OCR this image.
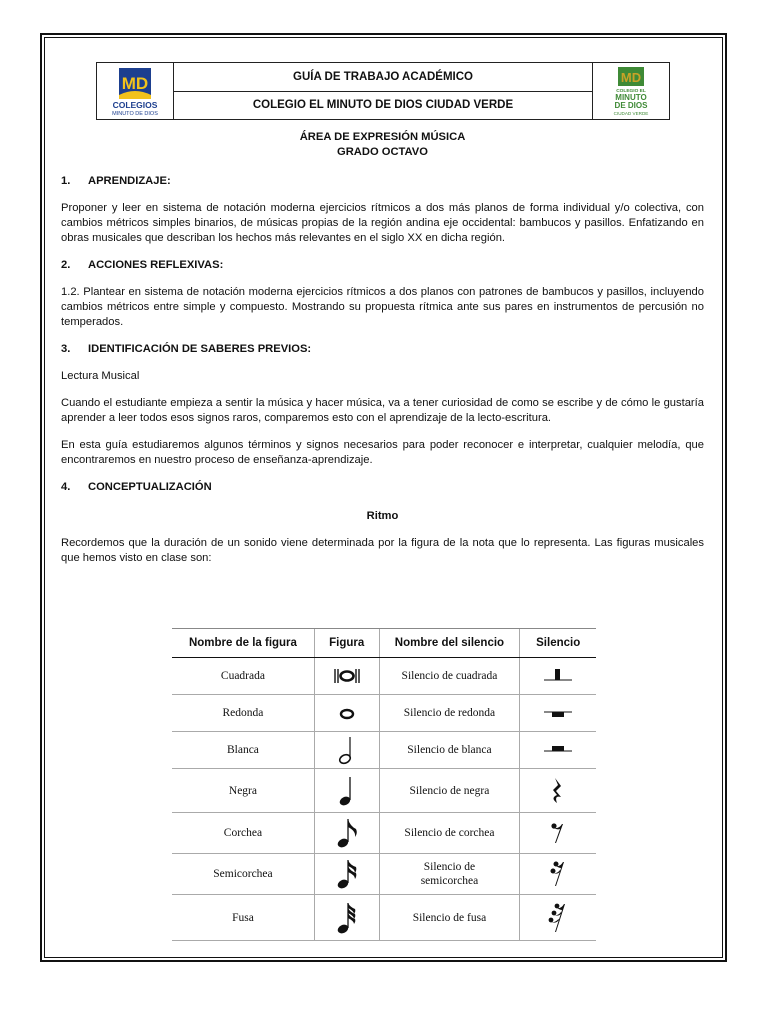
MD
COLEGIOS
MINUTO DE DIOS
	GUÍA DE TRABAJO ACADÉMICO	MD
COLEGIO EL
MINUTO
DE DIOS
CIUDAD VERDE

COLEGIO EL MINUTO DE DIOS CIUDAD VERDE
ÁREA DE EXPRESIÓN MÚSICA
GRADO OCTAVO
1. APRENDIZAJE:

Proponer y leer en sistema de notación moderna ejercicios rítmicos a dos más planos de forma individual y/o colectiva, con cambios métricos simples binarios, de músicas propias de la región andina eje occidental: bambucos y pasillos. Enfatizando en obras musicales que describan los hechos más relevantes en el siglo XX en dicha región.

2. ACCIONES REFLEXIVAS:

1.2. Plantear en sistema de notación moderna ejercicios rítmicos a dos planos con patrones de bambucos y pasillos, incluyendo cambios métricos entre simple y compuesto. Mostrando su propuesta rítmica ante sus pares en instrumentos de percusión no temperados.

3. IDENTIFICACIÓN DE SABERES PREVIOS:

Lectura Musical

Cuando el estudiante empieza a sentir la música y hacer música, va a tener curiosidad de como se escribe y de cómo le gustaría aprender a leer todos esos signos raros, comparemos esto con el aprendizaje de la lecto-escritura.

En esta guía estudiaremos algunos términos y signos necesarios para poder reconocer e interpretar, cualquier melodía, que encontraremos en nuestro proceso de enseñanza-aprendizaje.

4. CONCEPTUALIZACIÓN

Ritmo

Recordemos que la duración de un sonido viene determinada por la figura de la nota que lo representa. Las figuras musicales que hemos visto en clase son:

Nombre de la figura	Figura	Nombre del silencio	Silencio
Cuadrada		Silencio de cuadrada	

Redonda		Silencio de redonda	

Blanca		Silencio de blanca	

Negra		Silencio de negra	

Corchea		Silencio de corchea	

Semicorchea		Silencio de
semicorchea

Fusa		Silencio de fusa	
